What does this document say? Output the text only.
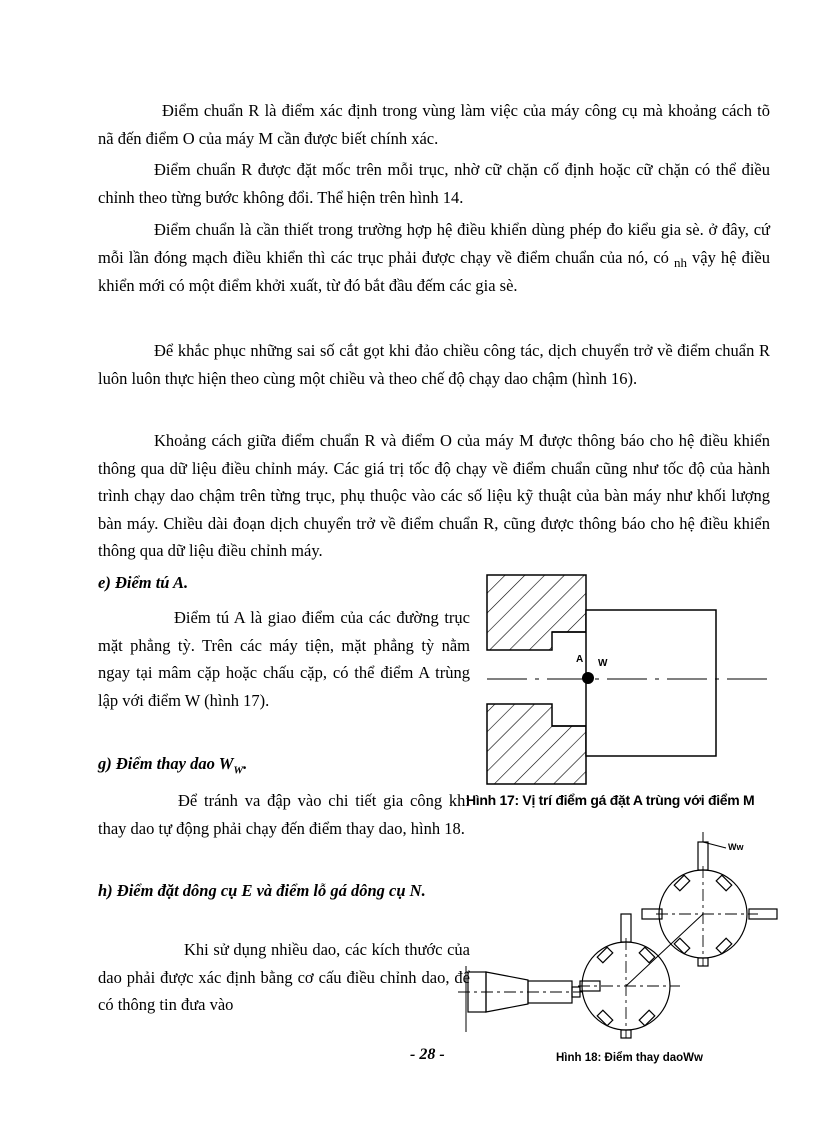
Điểm chuẩn R là điểm xác định trong vùng làm việc của máy công cụ mà khoảng cách tõ nã đến điểm O của máy M cần được biết chính xác.

Điểm chuẩn R được đặt mốc trên mỗi trục, nhờ cữ chặn cố định hoặc cữ chặn có thể điều chỉnh theo từng bước không đổi. Thể hiện trên hình 14.

Điểm chuẩn là cần thiết trong trường hợp hệ điều khiển dùng phép đo kiểu gia sè. ở đây, cứ mỗi lần đóng mạch điều khiển thì các trục phải được chạy về điểm chuẩn của nó, có $_{nh}$ vậy hệ điều khiển mới có một điểm khởi xuất, từ đó bắt đầu đếm các gia sè.

Để khắc phục những sai số cắt gọt khi đảo chiều công tác, dịch chuyển trở về điểm chuẩn R luôn luôn thực hiện theo cùng một chiều và theo chế độ chạy dao chậm (hình 16).

Khoảng cách giữa điểm chuẩn R và điểm O của máy M được thông báo cho hệ điều khiển thông qua dữ liệu điều chỉnh máy. Các giá trị tốc độ chạy về điểm chuẩn cũng như tốc độ của hành trình chạy dao chậm trên từng trục, phụ thuộc vào các số liệu kỹ thuật của bàn máy như khối lượng bàn máy. Chiều dài đoạn dịch chuyển trở về điểm chuẩn R, cũng được thông báo cho hệ điều khiển thông qua dữ liệu điều chỉnh máy.

e) Điểm tú A.

Điểm tú A là giao điểm của các đường trục mặt phẳng tỳ. Trên các máy tiện, mặt phẳng tỳ nằm ngay tại mâm cặp hoặc chấu cặp, có thể điểm A trùng lập với điểm W (hình 17).

g) Điểm thay dao $W_W$.

Để tránh va đập vào chi tiết gia công khi thay dao tự động phải chạy đến điểm thay dao, hình 18.

h) Điểm đặt dông cụ E và điểm lỗ gá dông cụ N.

Khi sử dụng nhiều dao, các kích thước của dao phải được xác định bằng cơ cấu điều chỉnh dao, để có thông tin đưa vào

A W
Hình 17: Vị trí điểm gá đặt A trùng với điểm M
Ww
Hình 18: Điểm thay daoWw
- 28 -
